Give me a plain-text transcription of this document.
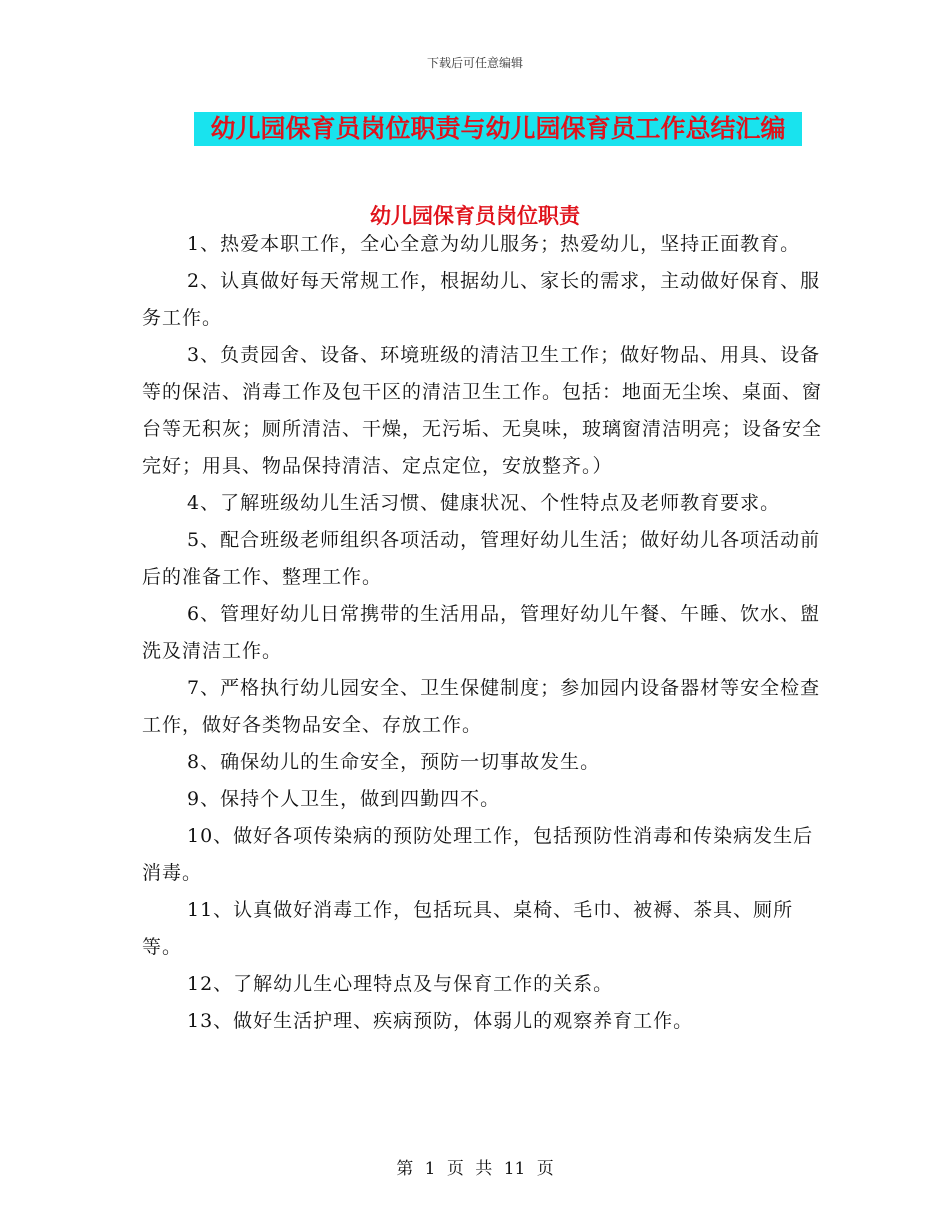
下载后可任意编辑
幼儿园保育员岗位职责与幼儿园保育员工作总结汇编
幼儿园保育员岗位职责

1、热爱本职工作，全心全意为幼儿服务；热爱幼儿，坚持正面教育。

2、认真做好每天常规工作，根据幼儿、家长的需求，主动做好保育、服务工作。

3、负责园舍、设备、环境班级的清洁卫生工作；做好物品、用具、设备等的保洁、消毒工作及包干区的清洁卫生工作。包括：地面无尘埃、桌面、窗台等无积灰；厕所清洁、干燥，无污垢、无臭味，玻璃窗清洁明亮；设备安全完好；用具、物品保持清洁、定点定位，安放整齐。）

4、了解班级幼儿生活习惯、健康状况、个性特点及老师教育要求。

5、配合班级老师组织各项活动，管理好幼儿生活；做好幼儿各项活动前后的准备工作、整理工作。

6、管理好幼儿日常携带的生活用品，管理好幼儿午餐、午睡、饮水、盥洗及清洁工作。

7、严格执行幼儿园安全、卫生保健制度；参加园内设备器材等安全检查工作，做好各类物品安全、存放工作。

8、确保幼儿的生命安全，预防一切事故发生。

9、保持个人卫生，做到四勤四不。

10、做好各项传染病的预防处理工作，包括预防性消毒和传染病发生后消毒。

11、认真做好消毒工作，包括玩具、桌椅、毛巾、被褥、茶具、厕所等。

12、了解幼儿生心理特点及与保育工作的关系。

13、做好生活护理、疾病预防，体弱儿的观察养育工作。

第 1 页 共 11 页
